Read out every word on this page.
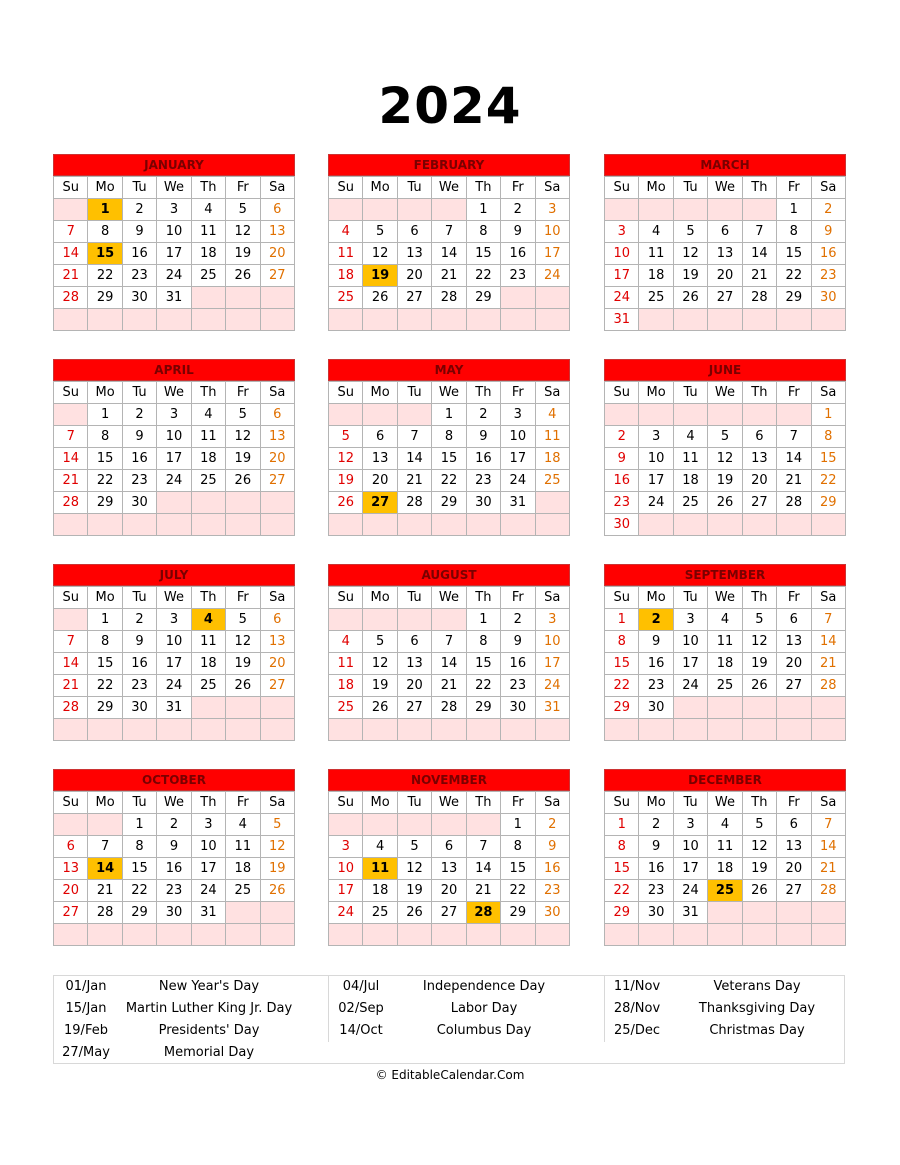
2024
JANUARY
Su	Mo	Tu	We	Th	Fr	Sa
	1	2	3	4	5	6
7	8	9	10	11	12	13
14	15	16	17	18	19	20
21	22	23	24	25	26	27
28	29	30	31			

FEBRUARY
Su	Mo	Tu	We	Th	Fr	Sa
				1	2	3
4	5	6	7	8	9	10
11	12	13	14	15	16	17
18	19	20	21	22	23	24
25	26	27	28	29		

MARCH
Su	Mo	Tu	We	Th	Fr	Sa
					1	2
3	4	5	6	7	8	9
10	11	12	13	14	15	16
17	18	19	20	21	22	23
24	25	26	27	28	29	30
31						
APRIL
Su	Mo	Tu	We	Th	Fr	Sa
	1	2	3	4	5	6
7	8	9	10	11	12	13
14	15	16	17	18	19	20
21	22	23	24	25	26	27
28	29	30				

MAY
Su	Mo	Tu	We	Th	Fr	Sa
			1	2	3	4
5	6	7	8	9	10	11
12	13	14	15	16	17	18
19	20	21	22	23	24	25
26	27	28	29	30	31	

JUNE
Su	Mo	Tu	We	Th	Fr	Sa
						1
2	3	4	5	6	7	8
9	10	11	12	13	14	15
16	17	18	19	20	21	22
23	24	25	26	27	28	29
30						
JULY
Su	Mo	Tu	We	Th	Fr	Sa
	1	2	3	4	5	6
7	8	9	10	11	12	13
14	15	16	17	18	19	20
21	22	23	24	25	26	27
28	29	30	31			

AUGUST
Su	Mo	Tu	We	Th	Fr	Sa
				1	2	3
4	5	6	7	8	9	10
11	12	13	14	15	16	17
18	19	20	21	22	23	24
25	26	27	28	29	30	31

SEPTEMBER
Su	Mo	Tu	We	Th	Fr	Sa
1	2	3	4	5	6	7
8	9	10	11	12	13	14
15	16	17	18	19	20	21
22	23	24	25	26	27	28
29	30					

OCTOBER
Su	Mo	Tu	We	Th	Fr	Sa
		1	2	3	4	5
6	7	8	9	10	11	12
13	14	15	16	17	18	19
20	21	22	23	24	25	26
27	28	29	30	31		

NOVEMBER
Su	Mo	Tu	We	Th	Fr	Sa
					1	2
3	4	5	6	7	8	9
10	11	12	13	14	15	16
17	18	19	20	21	22	23
24	25	26	27	28	29	30

DECEMBER
Su	Mo	Tu	We	Th	Fr	Sa
1	2	3	4	5	6	7
8	9	10	11	12	13	14
15	16	17	18	19	20	21
22	23	24	25	26	27	28
29	30	31				

01/Jan	New Year's Day
15/Jan	Martin Luther King Jr. Day
19/Feb	Presidents' Day
27/May	Memorial Day
04/Jul	Independence Day
02/Sep	Labor Day
14/Oct	Columbus Day
11/Nov	Veterans Day
28/Nov	Thanksgiving Day
25/Dec	Christmas Day
© EditableCalendar.Com
